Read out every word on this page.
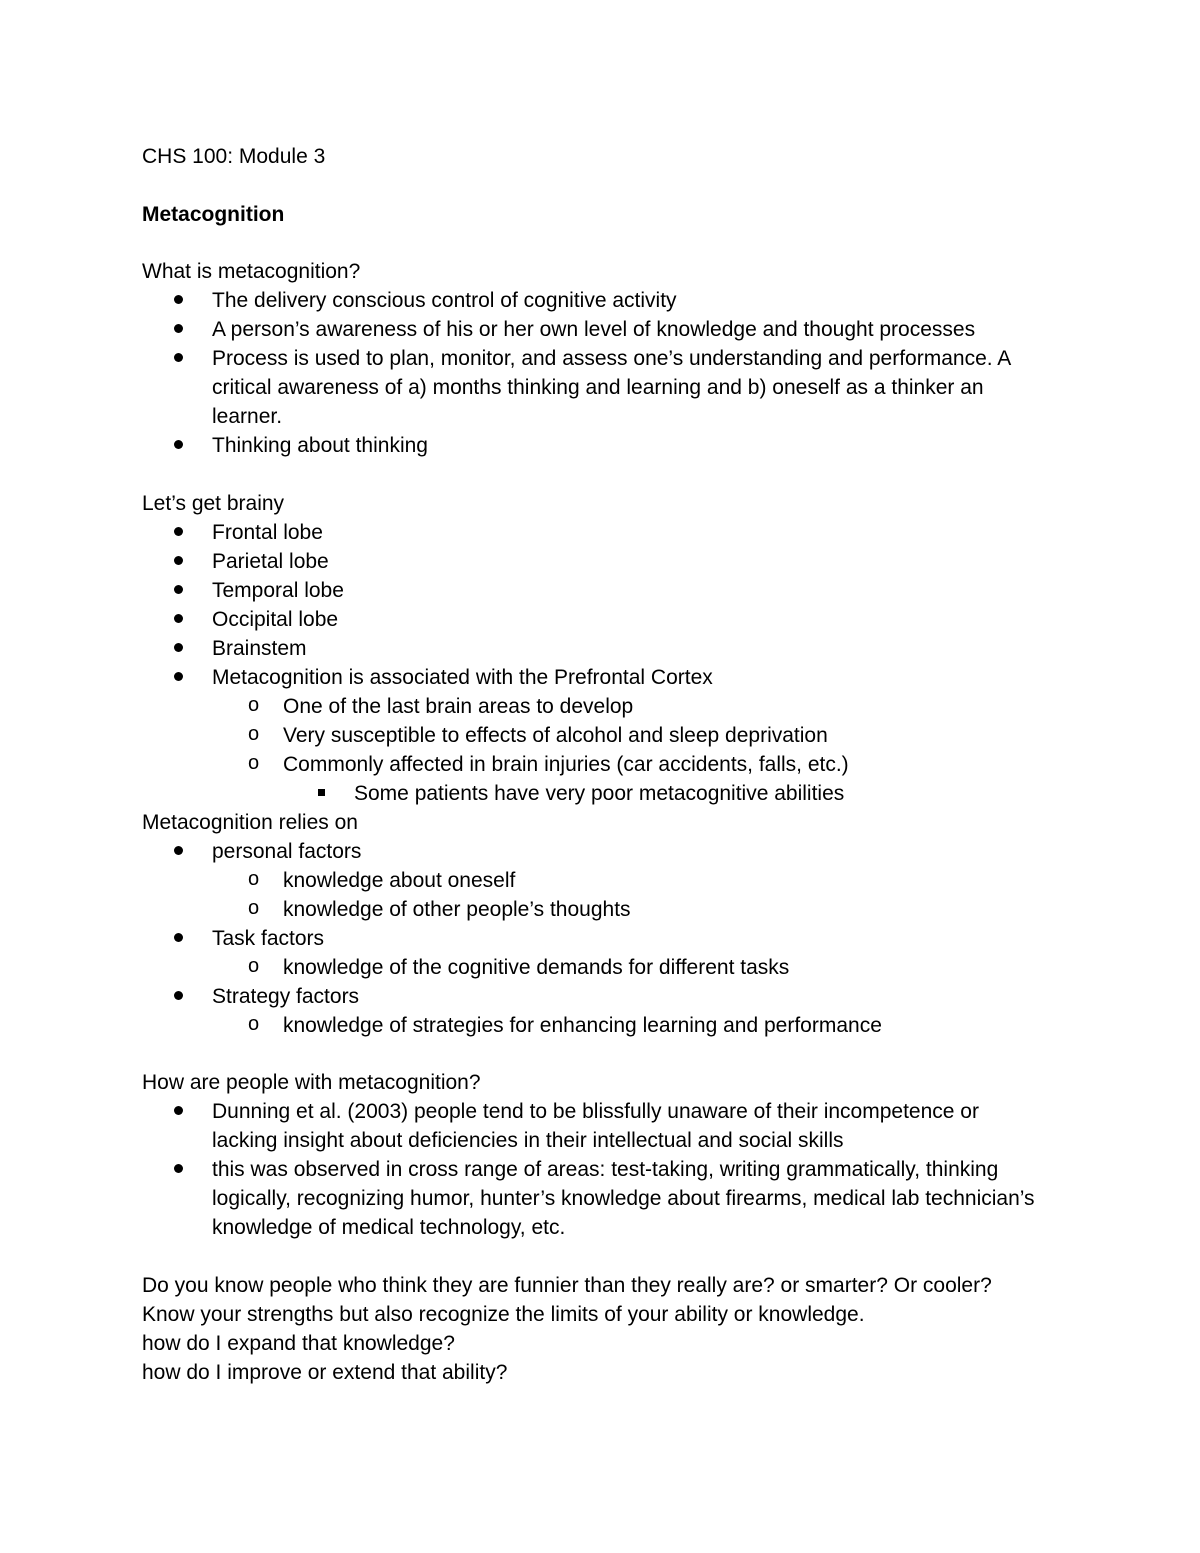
CHS 100: Module 3
Metacognition
What is metacognition?
The delivery conscious control of cognitive activity
A person’s awareness of his or her own level of knowledge and thought processes
Process is used to plan, monitor, and assess one’s understanding and performance. A critical awareness of a) months thinking and learning and b) oneself as a thinker an learner.
Thinking about thinking
Let’s get brainy
Frontal lobe
Parietal lobe
Temporal lobe
Occipital lobe
Brainstem
Metacognition is associated with the Prefrontal Cortex
o One of the last brain areas to develop
o Very susceptible to effects of alcohol and sleep deprivation
o Commonly affected in brain injuries (car accidents, falls, etc.)
Some patients have very poor metacognitive abilities
Metacognition relies on
personal factors
o knowledge about oneself
o knowledge of other people’s thoughts
Task factors
o knowledge of the cognitive demands for different tasks
Strategy factors
o knowledge of strategies for enhancing learning and performance
How are people with metacognition?
Dunning et al. (2003) people tend to be blissfully unaware of their incompetence or lacking insight about deficiencies in their intellectual and social skills
this was observed in cross range of areas: test-taking, writing grammatically, thinking logically, recognizing humor, hunter’s knowledge about firearms, medical lab technician’s knowledge of medical technology, etc.
Do you know people who think they are funnier than they really are? or smarter? Or cooler?
Know your strengths but also recognize the limits of your ability or knowledge.
how do I expand that knowledge?
how do I improve or extend that ability?
